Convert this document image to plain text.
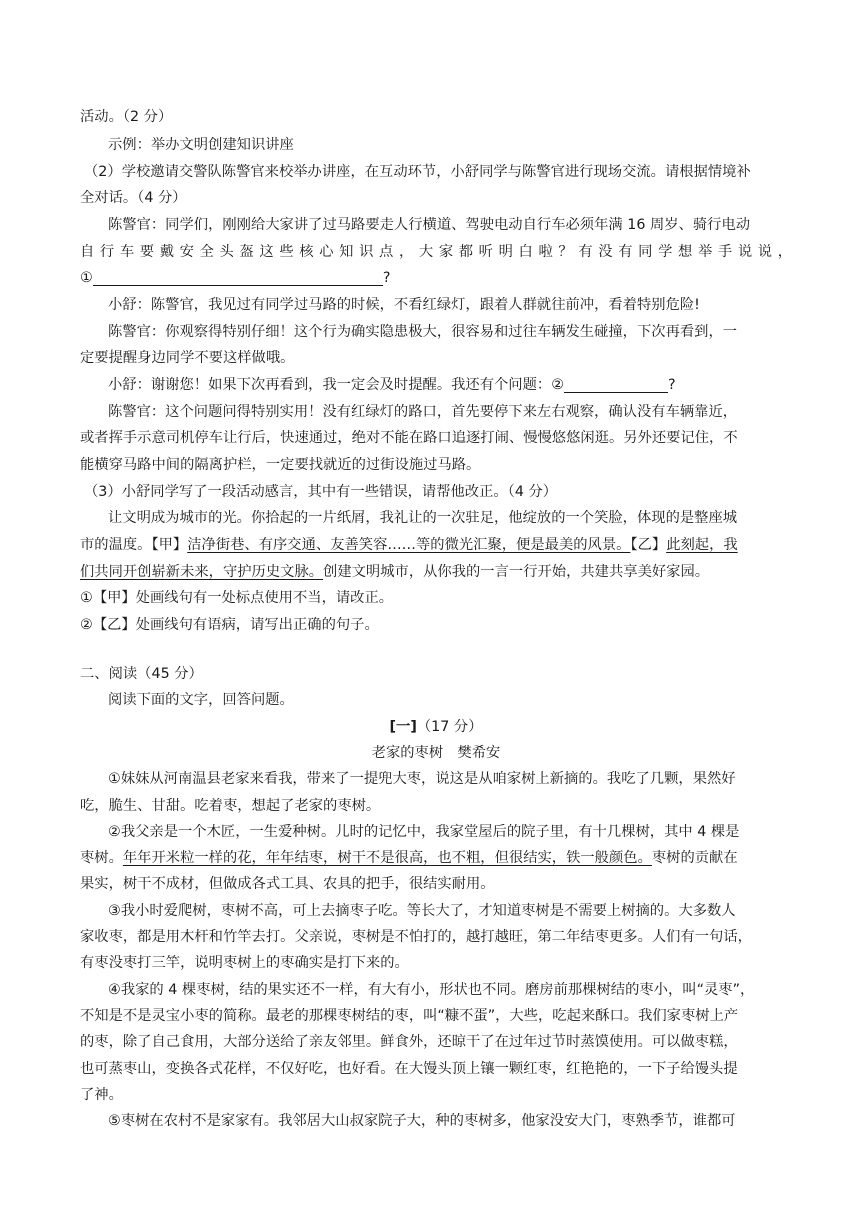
活动。（2 分）
示例：举办文明创建知识讲座
（2）学校邀请交警队陈警官来校举办讲座，在互动环节，小舒同学与陈警官进行现场交流。请根据情境补
全对话。（4 分）
陈警官：同学们，刚刚给大家讲了过马路要走人行横道、驾驶电动自行车必须年满 16 周岁、骑行电动
自行车要戴安全头盔这些核心知识点，大家都听明白啦？有没有同学想举手说说，
①	?
小舒：陈警官，我见过有同学过马路的时候，不看红绿灯，跟着人群就往前冲，看着特别危险!
陈警官：你观察得特别仔细！这个行为确实隐患极大，很容易和过往车辆发生碰撞，下次再看到，一
定要提醒身边同学不要这样做哦。
小舒：谢谢您！如果下次再看到，我一定会及时提醒。我还有个问题：②	?
陈警官：这个问题问得特别实用！没有红绿灯的路口，首先要停下来左右观察，确认没有车辆靠近，
或者挥手示意司机停车让行后，快速通过，绝对不能在路口追逐打闹、慢慢悠悠闲逛。另外还要记住，不
能横穿马路中间的隔离护栏，一定要找就近的过街设施过马路。
（3）小舒同学写了一段活动感言，其中有一些错误，请帮他改正。（4 分）
让文明成为城市的光。你拾起的一片纸屑，我礼让的一次驻足，他绽放的一个笑脸，体现的是整座城
市的温度。【甲】洁净街巷、有序交通、友善笑容……等的微光汇聚，便是最美的风景。【乙】此刻起，我
们共同开创崭新未来，守护历史文脉。创建文明城市，从你我的一言一行开始，共建共享美好家园。
①【甲】处画线句有一处标点使用不当，请改正。
②【乙】处画线句有语病，请写出正确的句子。
二、阅读（45 分）
阅读下面的文字，回答问题。
[一]（17 分）
老家的枣树　樊希安
①妹妹从河南温县老家来看我，带来了一提兜大枣，说这是从咱家树上新摘的。我吃了几颗，果然好
吃，脆生、甘甜。吃着枣，想起了老家的枣树。
②我父亲是一个木匠，一生爱种树。儿时的记忆中，我家堂屋后的院子里，有十几棵树，其中 4 棵是
枣树。年年开米粒一样的花，年年结枣，树干不是很高，也不粗，但很结实，铁一般颜色。枣树的贡献在
果实，树干不成材，但做成各式工具、农具的把手，很结实耐用。
③我小时爱爬树，枣树不高，可上去摘枣子吃。等长大了，才知道枣树是不需要上树摘的。大多数人
家收枣，都是用木杆和竹竿去打。父亲说，枣树是不怕打的，越打越旺，第二年结枣更多。人们有一句话，
有枣没枣打三竿，说明枣树上的枣确实是打下来的。
④我家的 4 棵枣树，结的果实还不一样，有大有小，形状也不同。磨房前那棵树结的枣小，叫“灵枣”，
不知是不是灵宝小枣的简称。最老的那棵枣树结的枣，叫“糠不蛋”，大些，吃起来酥口。我们家枣树上产
的枣，除了自己食用，大部分送给了亲友邻里。鲜食外，还晾干了在过年过节时蒸馍使用。可以做枣糕，
也可蒸枣山，变换各式花样，不仅好吃，也好看。在大馒头顶上镶一颗红枣，红艳艳的，一下子给馒头提
了神。
⑤枣树在农村不是家家有。我邻居大山叔家院子大，种的枣树多，他家没安大门，枣熟季节，谁都可
